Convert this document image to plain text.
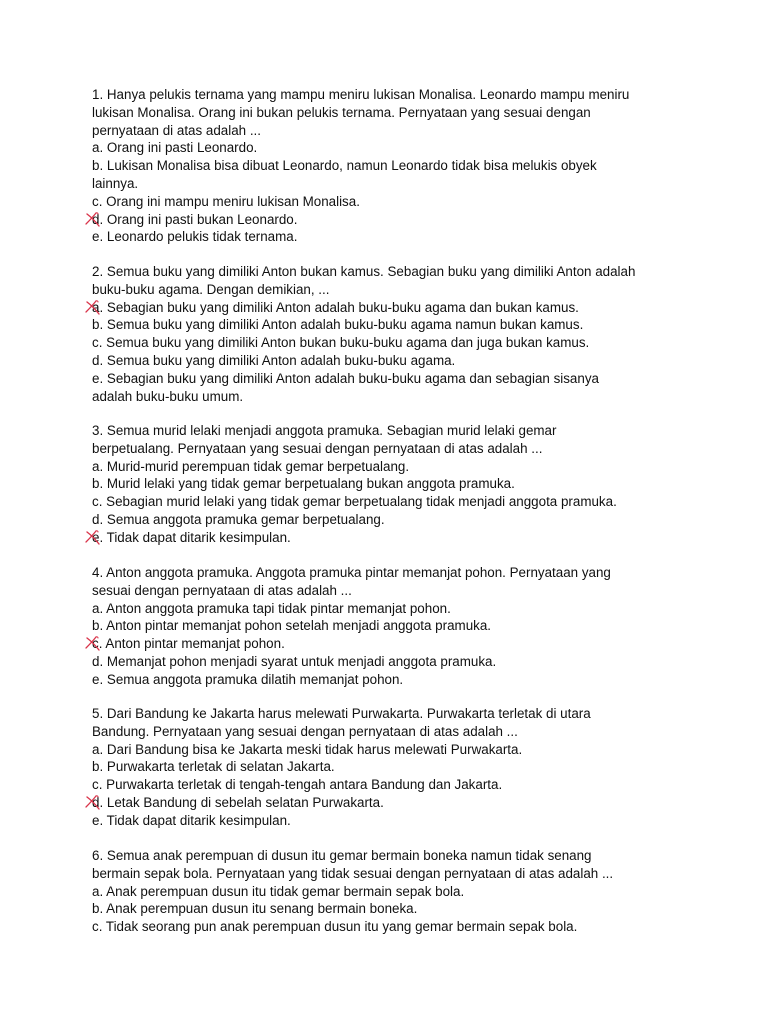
1. Hanya pelukis ternama yang mampu meniru lukisan Monalisa. Leonardo mampu meniru
lukisan Monalisa. Orang ini bukan pelukis ternama. Pernyataan yang sesuai dengan
pernyataan di atas adalah ...
a. Orang ini pasti Leonardo.
b. Lukisan Monalisa bisa dibuat Leonardo, namun Leonardo tidak bisa melukis obyek
lainnya.
c. Orang ini mampu meniru lukisan Monalisa.
d. Orang ini pasti bukan Leonardo.
e. Leonardo pelukis tidak ternama.
2. Semua buku yang dimiliki Anton bukan kamus. Sebagian buku yang dimiliki Anton adalah
buku-buku agama. Dengan demikian, ...
a. Sebagian buku yang dimiliki Anton adalah buku-buku agama dan bukan kamus.
b. Semua buku yang dimiliki Anton adalah buku-buku agama namun bukan kamus.
c. Semua buku yang dimiliki Anton bukan buku-buku agama dan juga bukan kamus.
d. Semua buku yang dimiliki Anton adalah buku-buku agama.
e. Sebagian buku yang dimiliki Anton adalah buku-buku agama dan sebagian sisanya
adalah buku-buku umum.
3. Semua murid lelaki menjadi anggota pramuka. Sebagian murid lelaki gemar
berpetualang. Pernyataan yang sesuai dengan pernyataan di atas adalah ...
a. Murid-murid perempuan tidak gemar berpetualang.
b. Murid lelaki yang tidak gemar berpetualang bukan anggota pramuka.
c. Sebagian murid lelaki yang tidak gemar berpetualang tidak menjadi anggota pramuka.
d. Semua anggota pramuka gemar berpetualang.
e. Tidak dapat ditarik kesimpulan.
4. Anton anggota pramuka. Anggota pramuka pintar memanjat pohon. Pernyataan yang
sesuai dengan pernyataan di atas adalah ...
a. Anton anggota pramuka tapi tidak pintar memanjat pohon.
b. Anton pintar memanjat pohon setelah menjadi anggota pramuka.
c. Anton pintar memanjat pohon.
d. Memanjat pohon menjadi syarat untuk menjadi anggota pramuka.
e. Semua anggota pramuka dilatih memanjat pohon.
5. Dari Bandung ke Jakarta harus melewati Purwakarta. Purwakarta terletak di utara
Bandung. Pernyataan yang sesuai dengan pernyataan di atas adalah ...
a. Dari Bandung bisa ke Jakarta meski tidak harus melewati Purwakarta.
b. Purwakarta terletak di selatan Jakarta.
c. Purwakarta terletak di tengah-tengah antara Bandung dan Jakarta.
d. Letak Bandung di sebelah selatan Purwakarta.
e. Tidak dapat ditarik kesimpulan.
6. Semua anak perempuan di dusun itu gemar bermain boneka namun tidak senang
bermain sepak bola. Pernyataan yang tidak sesuai dengan pernyataan di atas adalah ...
a. Anak perempuan dusun itu tidak gemar bermain sepak bola.
b. Anak perempuan dusun itu senang bermain boneka.
c. Tidak seorang pun anak perempuan dusun itu yang gemar bermain sepak bola.
